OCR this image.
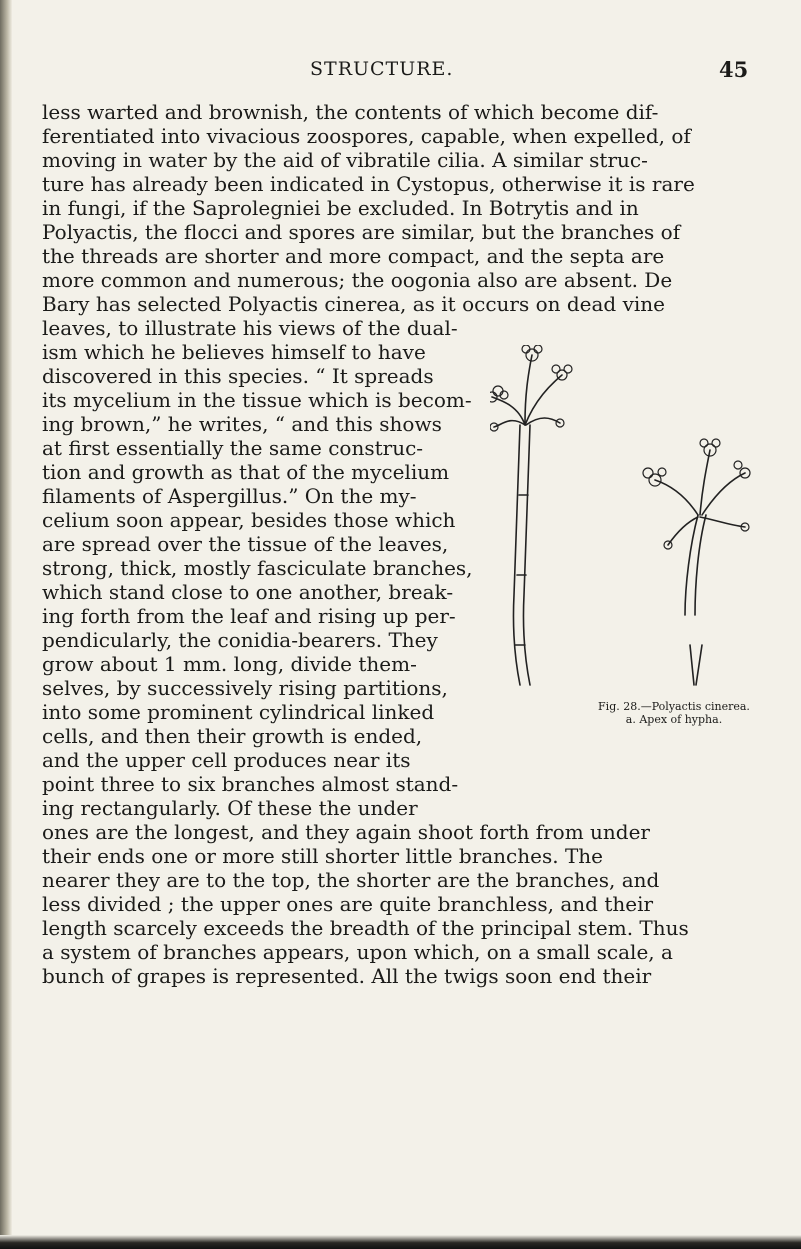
STRUCTURE.	45

less warted and brownish, the contents of which become dif-

ferentiated into vivacious zoospores, capable, when expelled, of

moving in water by the aid of vibratile cilia. A similar struc-

ture has already been indicated in Cystopus, otherwise it is rare

in fungi, if the Saprolegniei be excluded. In Botrytis and in

Polyactis, the flocci and spores are similar, but the branches of

the threads are shorter and more compact, and the septa are

more common and numerous; the oogonia also are absent. De

Bary has selected Polyactis cinerea, as it occurs on dead vine

leaves, to illustrate his views of the dual-

ism which he believes himself to have

discovered in this species. “ It spreads

its mycelium in the tissue which is becom-

ing brown,” he writes, “ and this shows

at first essentially the same construc-

tion and growth as that of the mycelium

filaments of Aspergillus.” On the my-

celium soon appear, besides those which

are spread over the tissue of the leaves,

strong, thick, mostly fasciculate branches,

which stand close to one another, break-

ing forth from the leaf and rising up per-

pendicularly, the conidia-bearers. They

grow about 1 mm. long, divide them-

selves, by successively rising partitions,

into some prominent cylindrical linked

cells, and then their growth is ended,

and the upper cell produces near its

point three to six branches almost stand-

ing rectangularly. Of these the under

ones are the longest, and they again shoot forth from under

their ends one or more still shorter little branches. The

nearer they are to the top, the shorter are the branches, and

less divided ; the upper ones are quite branchless, and their

length scarcely exceeds the breadth of the principal stem. Thus

a system of branches appears, upon which, on a small scale, a

bunch of grapes is represented. All the twigs soon end their

Fig. 28.—Polyactis cinerea.
a. Apex of hypha.
